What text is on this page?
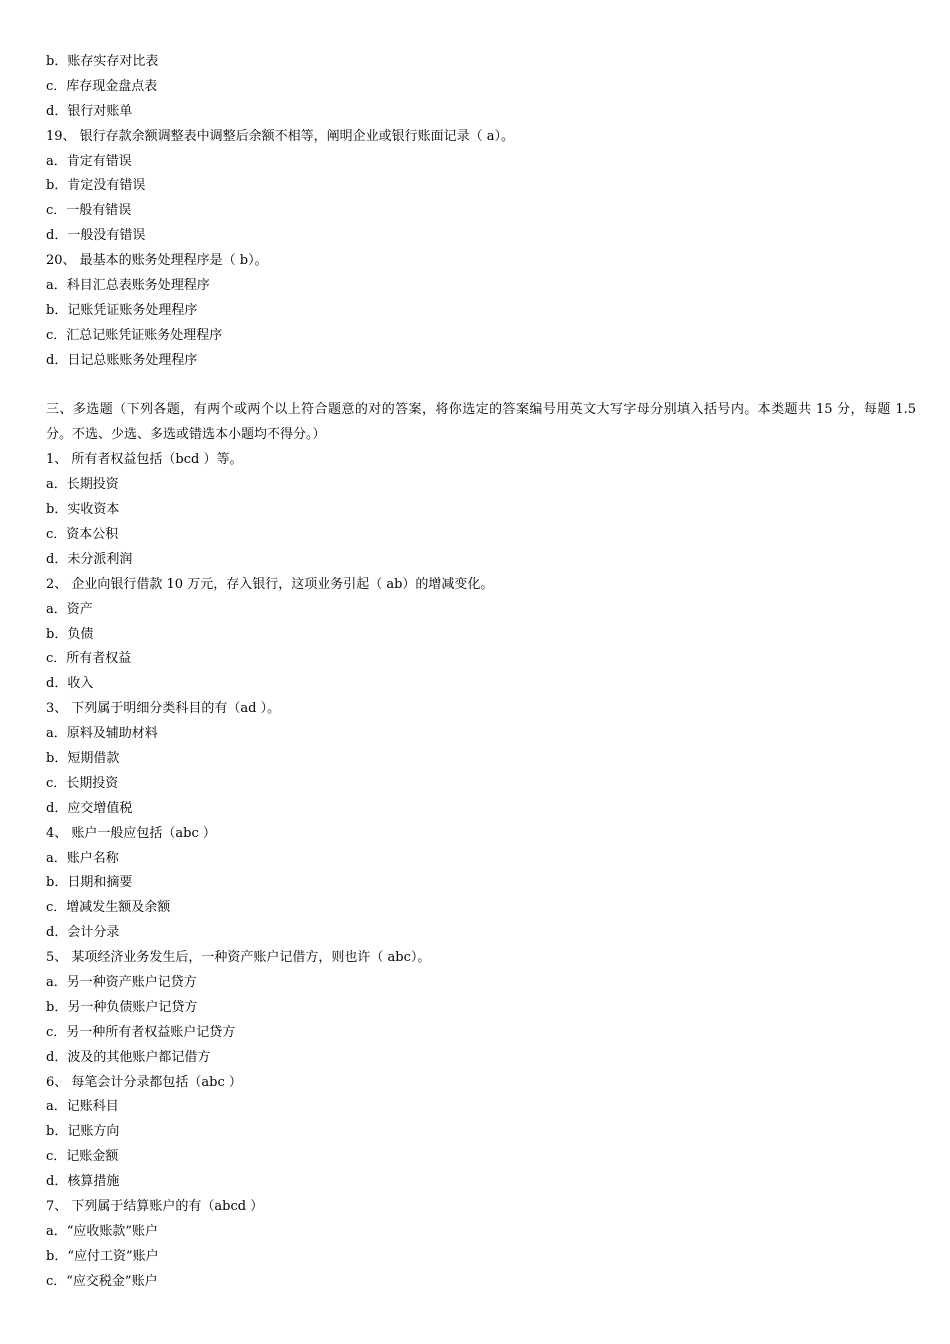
b．账存实存对比表
c．库存现金盘点表
d．银行对账单
19、 银行存款余额调整表中调整后余额不相等，阐明企业或银行账面记录（ a）。
a．肯定有错误
b．肯定没有错误
c．一般有错误
d．一般没有错误
20、 最基本的账务处理程序是（ b）。
a．科目汇总表账务处理程序
b．记账凭证账务处理程序
c．汇总记账凭证账务处理程序
d．日记总账账务处理程序
三、多选题（下列各题，有两个或两个以上符合题意的对的答案，将你选定的答案编号用英文大写字母分别填入括号内。本类题共 15 分，每题 1.5 分。不选、少选、多选或错选本小题均不得分。）
1、 所有者权益包括（bcd ）等。
a．长期投资
b．实收资本
c．资本公积
d．未分派利润
2、 企业向银行借款 10 万元，存入银行，这项业务引起（ ab）的增减变化。
a．资产
b．负债
c．所有者权益
d．收入
3、 下列属于明细分类科目的有（ad ）。
a．原料及辅助材料
b．短期借款
c．长期投资
d．应交增值税
4、 账户一般应包括（abc ）
a．账户名称
b．日期和摘要
c．增减发生额及余额
d．会计分录
5、 某项经济业务发生后，一种资产账户记借方，则也许（ abc）。
a．另一种资产账户记贷方
b．另一种负债账户记贷方
c．另一种所有者权益账户记贷方
d．波及的其他账户都记借方
6、 每笔会计分录都包括（abc ）
a．记账科目
b．记账方向
c．记账金额
d．核算措施
7、 下列属于结算账户的有（abcd ）
a．“应收账款”账户
b．“应付工资”账户
c．“应交税金”账户
